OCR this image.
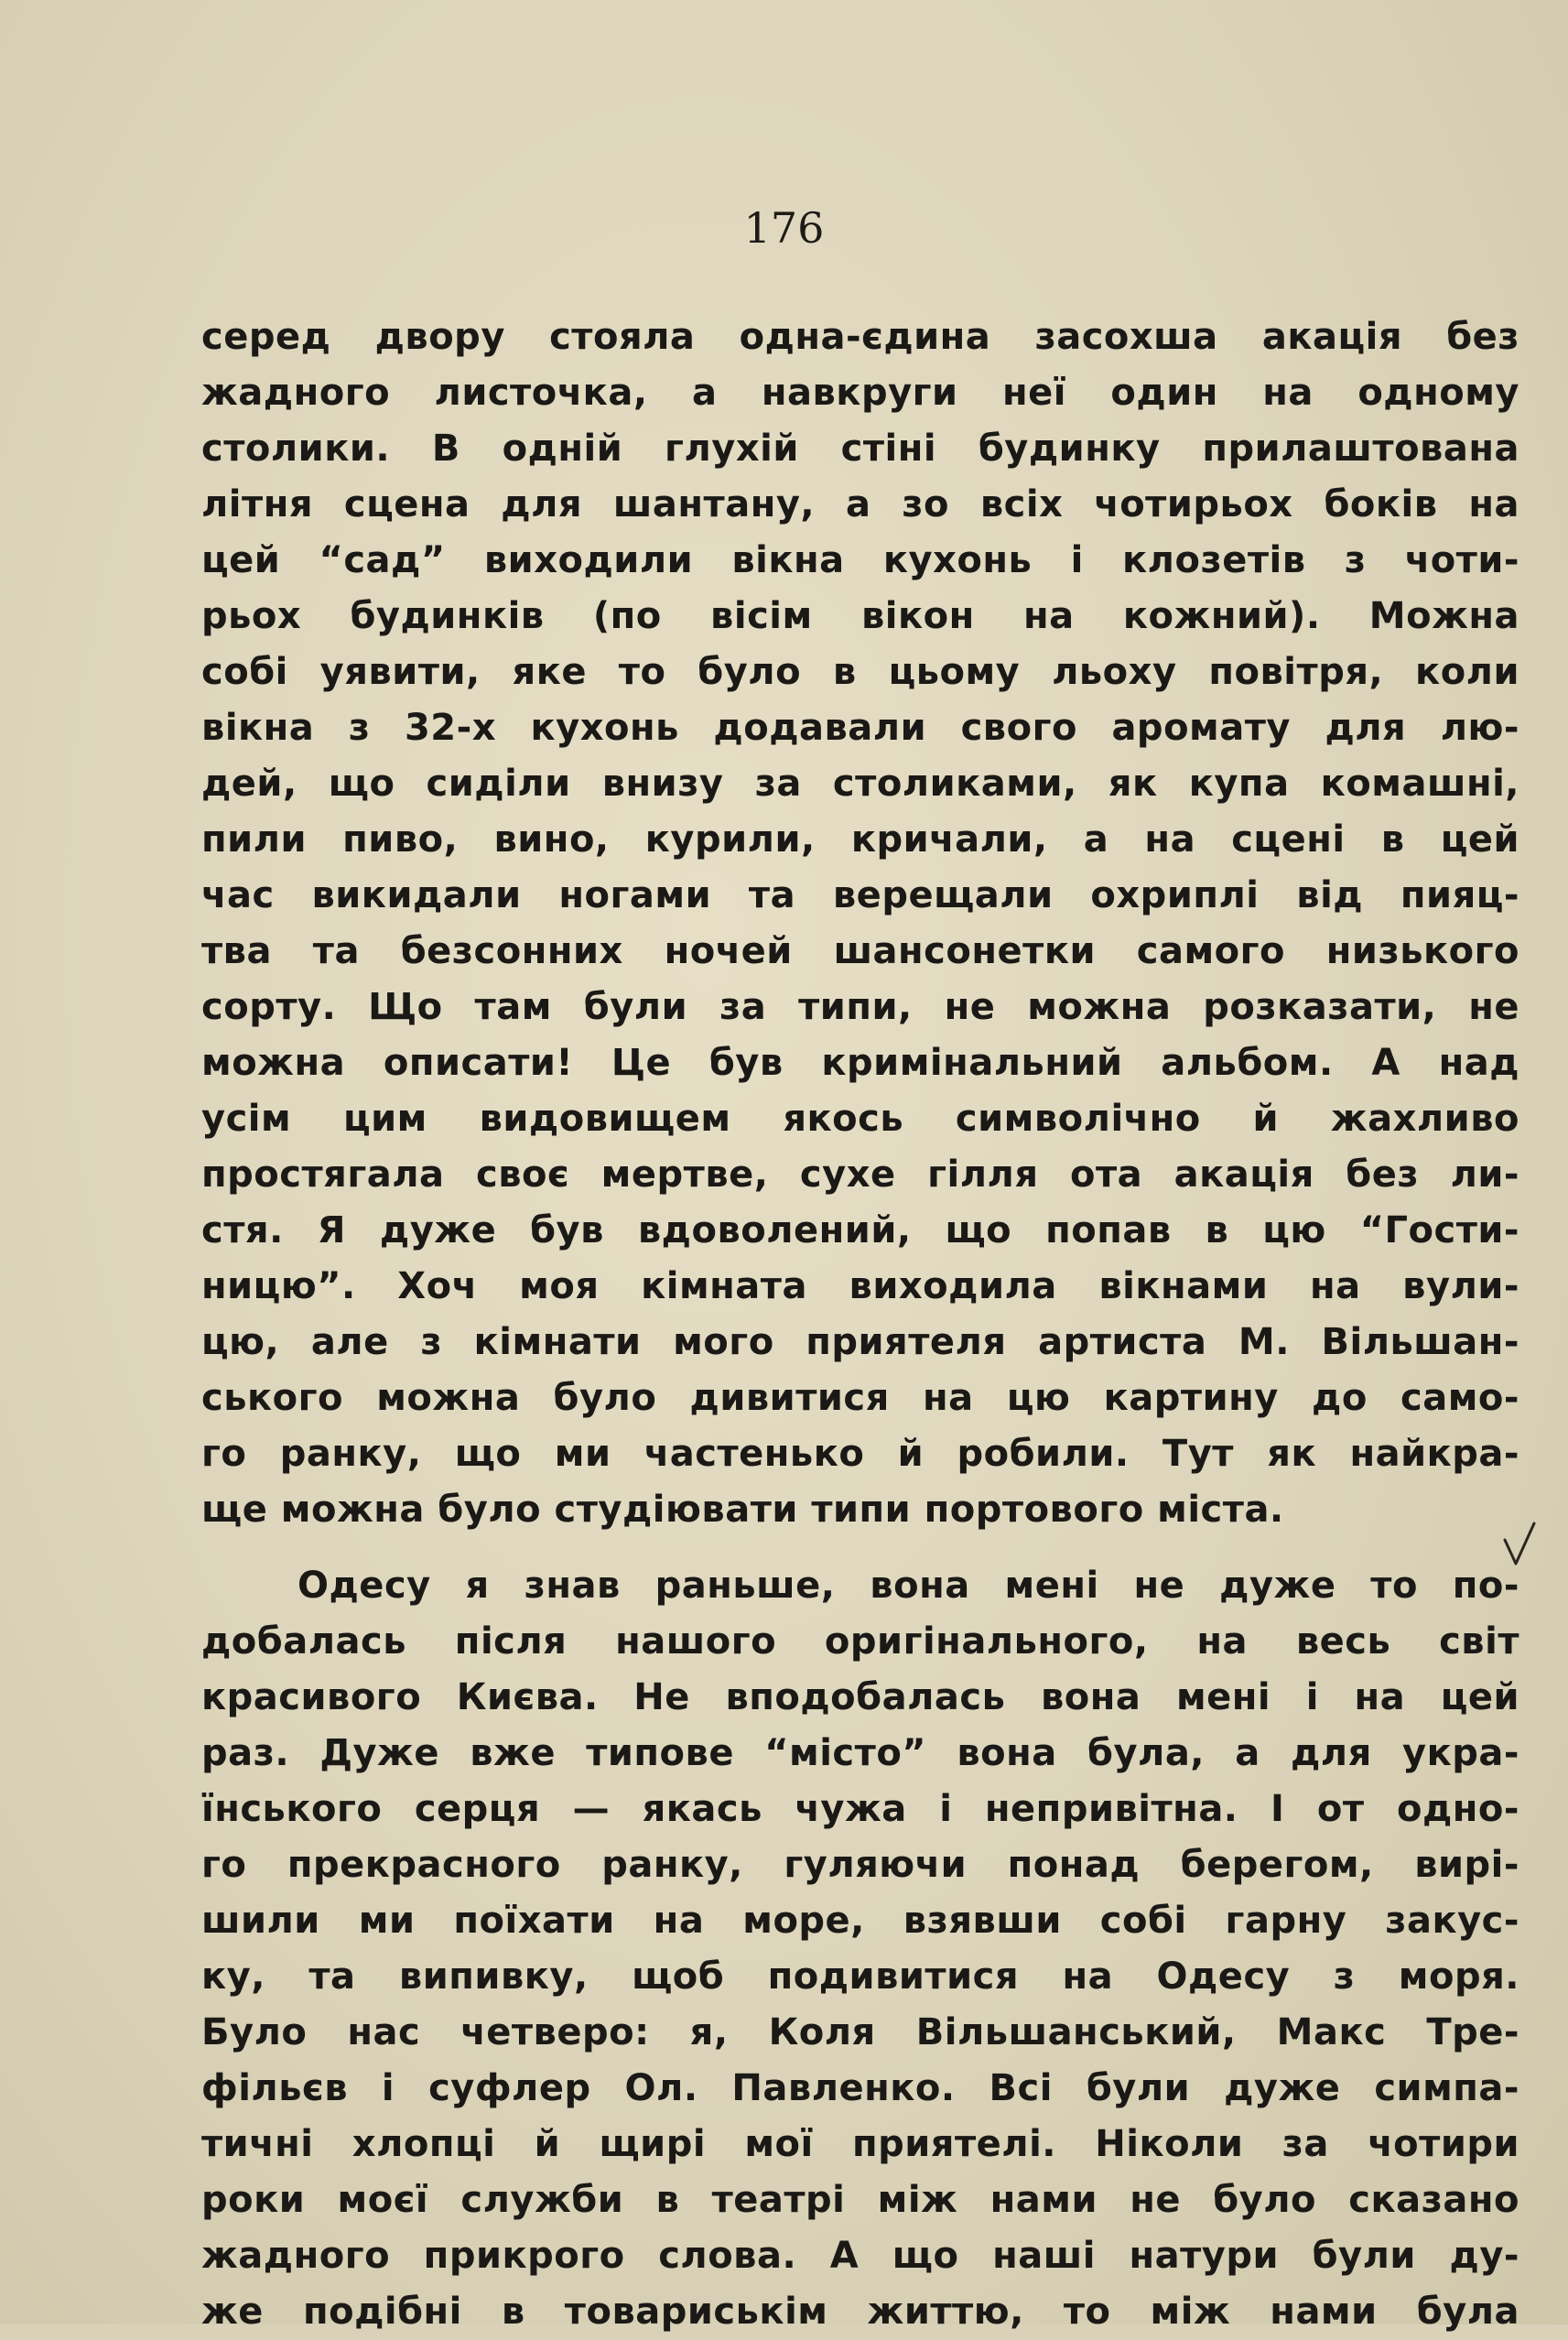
176

серед двору стояла одна-єдина засохша акація без
жадного листочка, а навкруги неї один на одному
столики. В одній глухій стіні будинку прилаштована
літня сцена для шантану, а зо всіх чотирьох боків на
цей “сад” виходили вікна кухонь і клозетів з чоти-
рьох будинків (по вісім вікон на кожний). Можна
собі уявити, яке то було в цьому льоху повітря, коли
вікна з 32-х кухонь додавали свого аромату для лю-
дей, що сиділи внизу за столиками, як купа комашні,
пили пиво, вино, курили, кричали, а на сцені в цей
час викидали ногами та верещали охриплі від пияц-
тва та безсонних ночей шансонетки самого низького
сорту. Що там були за типи, не можна розказати, не
можна описати! Це був кримінальний альбом. А над
усім цим видовищем якось символічно й жахливо
простягала своє мертве, сухе гілля ота акація без ли-
стя. Я дуже був вдоволений, що попав в цю “Гости-
ницю”. Хоч моя кімната виходила вікнами на вули-
цю, але з кімнати мого приятеля артиста М. Вільшан-
ського можна було дивитися на цю картину до само-
го ранку, що ми частенько й робили. Тут як найкра-
ще можна було студіювати типи портового міста.
Одесу я знав раньше, вона мені не дуже то по-
добалась після нашого оригінального, на весь світ
красивого Києва. Не вподобалась вона мені і на цей
раз. Дуже вже типове “місто” вона була, а для укра-
їнського серця — якась чужа і непривітна. І от одно-
го прекрасного ранку, гуляючи понад берегом, вирі-
шили ми поїхати на море, взявши собі гарну закус-
ку, та випивку, щоб подивитися на Одесу з моря.
Було нас четверо: я, Коля Вільшанський, Макс Тре-
фільєв і суфлер Ол. Павленко. Всі були дуже симпа-
тичні хлопці й щирі мої приятелі. Ніколи за чотири
роки моєї служби в театрі між нами не було сказано
жадного прикрого слова. А що наші натури були ду-
же подібні в товариськім життю, то між нами була
